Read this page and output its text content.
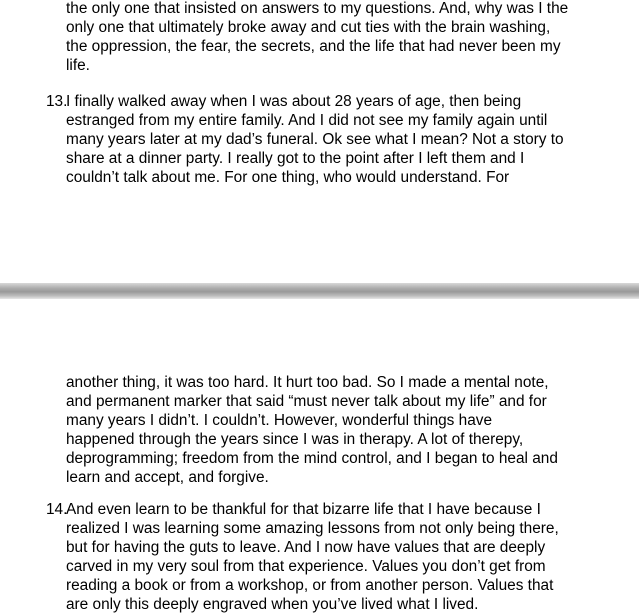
the only one that insisted on answers to my questions. And, why was I the
only one that ultimately broke away and cut ties with the brain washing,
the oppression, the fear, the secrets, and the life that had never been my
life.
13.
I finally walked away when I was about 28 years of age, then being
estranged from my entire family. And I did not see my family again until
many years later at my dad’s funeral. Ok see what I mean? Not a story to
share at a dinner party. I really got to the point after I left them and I
couldn’t talk about me. For one thing, who would understand. For
another thing, it was too hard. It hurt too bad. So I made a mental note,
and permanent marker that said “must never talk about my life” and for
many years I didn’t. I couldn’t. However, wonderful things have
happened through the years since I was in therapy. A lot of therepy,
deprogramming; freedom from the mind control, and I began to heal and
learn and accept, and forgive.
14.
And even learn to be thankful for that bizarre life that I have because I
realized I was learning some amazing lessons from not only being there,
but for having the guts to leave. And I now have values that are deeply
carved in my very soul from that experience. Values you don’t get from
reading a book or from a workshop, or from another person. Values that
are only this deeply engraved when you’ve lived what I lived.
